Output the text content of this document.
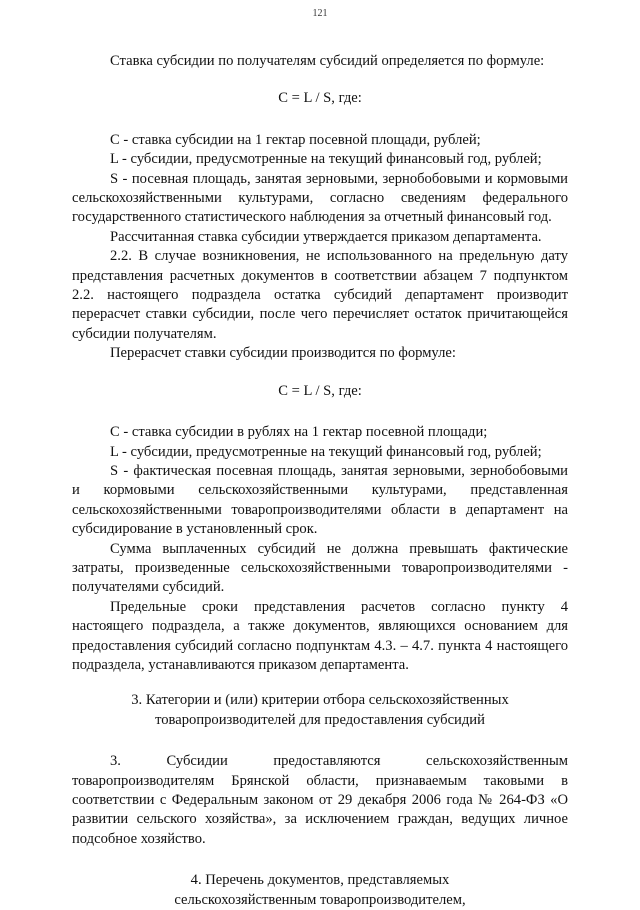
121

Ставка субсидии по получателям субсидий определяется по формуле:

C = L / S, где:

C - ставка субсидии на 1 гектар посевной площади, рублей;

L - субсидии, предусмотренные на текущий финансовый год, рублей;

S - посевная площадь, занятая зерновыми, зернобобовыми и кормовыми сельскохозяйственными культурами, согласно сведениям федерального государственного статистического наблюдения за отчетный финансовый год.

Рассчитанная ставка субсидии утверждается приказом департамента.

2.2. В случае возникновения, не использованного на предельную дату представления расчетных документов в соответствии абзацем 7 подпунктом 2.2. настоящего подраздела остатка субсидий департамент производит перерасчет ставки субсидии, после чего перечисляет остаток причитающейся субсидии получателям.

Перерасчет ставки субсидии производится по формуле:

C = L / S, где:

C - ставка субсидии в рублях на 1 гектар посевной площади;

L - субсидии, предусмотренные на текущий финансовый год, рублей;

S - фактическая посевная площадь, занятая зерновыми, зернобобовыми и кормовыми сельскохозяйственными культурами, представленная сельскохозяйственными товаропроизводителями области в департамент на субсидирование в установленный срок.

Сумма выплаченных субсидий не должна превышать фактические затраты, произведенные сельскохозяйственными товаропроизводителями - получателями субсидий.

Предельные сроки представления расчетов согласно пункту 4 настоящего подраздела, а также документов, являющихся основанием для предоставления субсидий согласно подпунктам 4.3. – 4.7. пункта 4 настоящего подраздела, устанавливаются приказом департамента.

3. Категории и (или) критерии отбора сельскохозяйственных товаропроизводителей для предоставления субсидий

3. Субсидии предоставляются сельскохозяйственным товаропроизводителям Брянской области, признаваемым таковыми в соответствии с Федеральным законом от 29 декабря 2006 года № 264-ФЗ «О развитии сельского хозяйства», за исключением граждан, ведущих личное подсобное хозяйство.

4. Перечень документов, представляемых

сельскохозяйственным товаропроизводителем,
